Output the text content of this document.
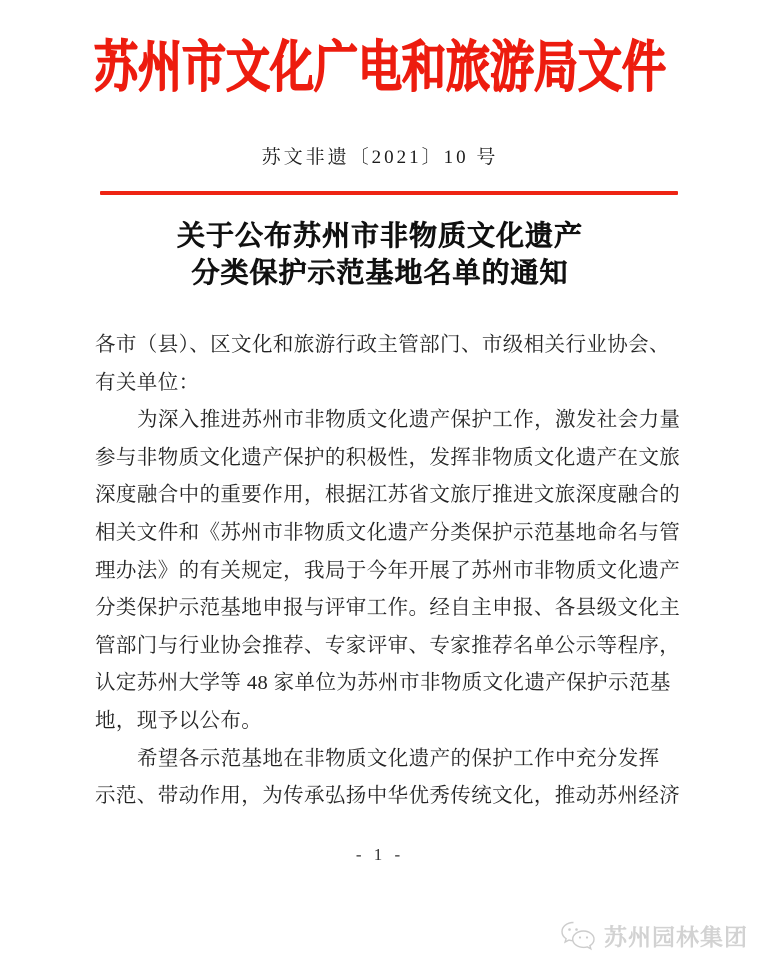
苏州市文化广电和旅游局文件
苏文非遗〔2021〕10 号
关于公布苏州市非物质文化遗产
分类保护示范基地名单的通知
各市（县）、区文化和旅游行政主管部门、市级相关行业协会、
有关单位：
为深入推进苏州市非物质文化遗产保护工作，激发社会力量
参与非物质文化遗产保护的积极性，发挥非物质文化遗产在文旅
深度融合中的重要作用，根据江苏省文旅厅推进文旅深度融合的
相关文件和《苏州市非物质文化遗产分类保护示范基地命名与管
理办法》的有关规定，我局于今年开展了苏州市非物质文化遗产
分类保护示范基地申报与评审工作。经自主申报、各县级文化主
管部门与行业协会推荐、专家评审、专家推荐名单公示等程序，
认定苏州大学等 48 家单位为苏州市非物质文化遗产保护示范基
地，现予以公布。
希望各示范基地在非物质文化遗产的保护工作中充分发挥
示范、带动作用，为传承弘扬中华优秀传统文化，推动苏州经济
- 1 -
苏州园林集团
